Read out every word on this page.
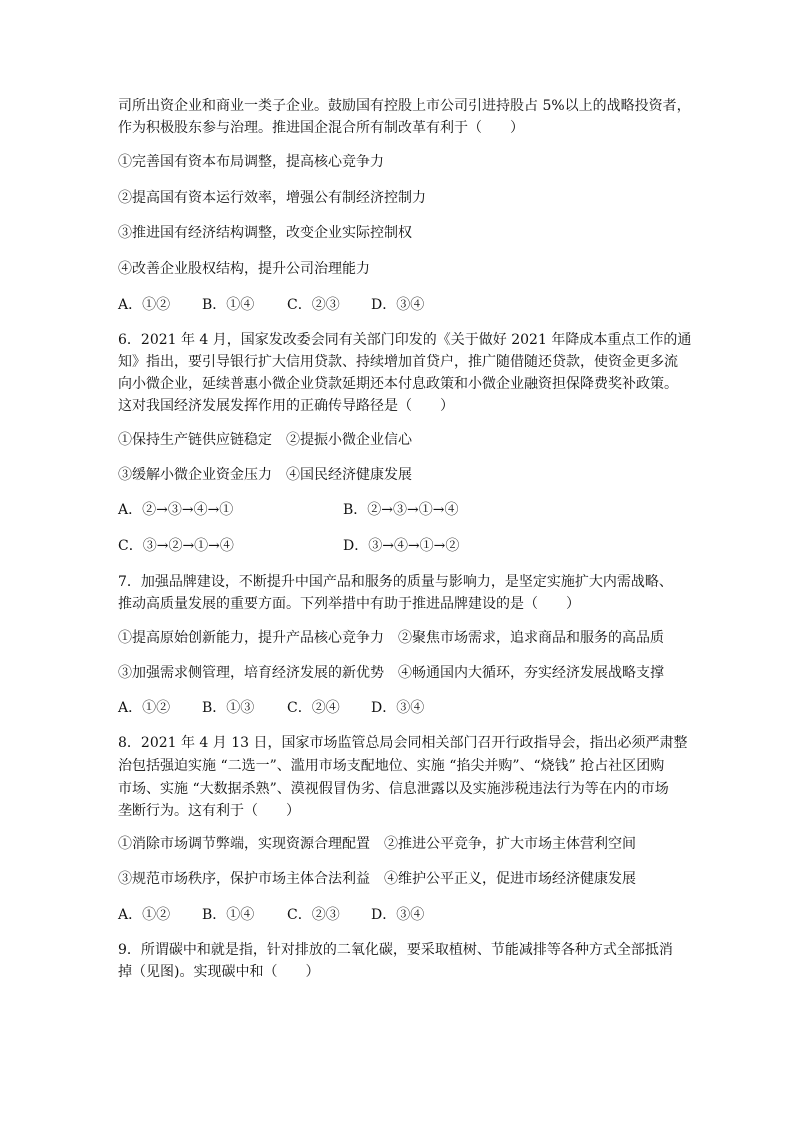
司所出资企业和商业一类子企业。鼓励国有控股上市公司引进持股占 5%以上的战略投资者，
作为积极股东参与治理。推进国企混合所有制改革有利于（　　）
①完善国有资本布局调整，提高核心竞争力
②提高国有资本运行效率，增强公有制经济控制力
③推进国有经济结构调整，改变企业实际控制权
④改善企业股权结构，提升公司治理能力
A．①② B．①④ C．②③ D．③④
6．2021 年 4 月，国家发改委会同有关部门印发的《关于做好 2021 年降成本重点工作的通
知》指出，要引导银行扩大信用贷款、持续增加首贷户，推广随借随还贷款，使资金更多流
向小微企业，延续普惠小微企业贷款延期还本付息政策和小微企业融资担保降费奖补政策。
这对我国经济发展发挥作用的正确传导路径是（　　）
①保持生产链供应链稳定　②提振小微企业信心
③缓解小微企业资金压力　④国民经济健康发展
A．②→③→④→①	B．②→③→①→④
C．③→②→①→④	D．③→④→①→②
7．加强品牌建设，不断提升中国产品和服务的质量与影响力，是坚定实施扩大内需战略、
推动高质量发展的重要方面。下列举措中有助于推进品牌建设的是（　　）
①提高原始创新能力，提升产品核心竞争力　②聚焦市场需求，追求商品和服务的高品质
③加强需求侧管理，培育经济发展的新优势　④畅通国内大循环，夯实经济发展战略支撑
A．①② B．①③ C．②④ D．③④
8．2021 年 4 月 13 日，国家市场监管总局会同相关部门召开行政指导会，指出必须严肃整
治包括强迫实施 “二选一”、滥用市场支配地位、实施 “掐尖并购”、“烧钱” 抢占社区团购
市场、实施 “大数据杀熟”、漠视假冒伪劣、信息泄露以及实施涉税违法行为等在内的市场
垄断行为。这有利于（　　）
①消除市场调节弊端，实现资源合理配置　②推进公平竞争，扩大市场主体营利空间
③规范市场秩序，保护市场主体合法利益　④维护公平正义，促进市场经济健康发展
A．①② B．①④ C．②③ D．③④
9．所谓碳中和就是指，针对排放的二氧化碳，要采取植树、节能减排等各种方式全部抵消
掉（见图)。实现碳中和（　　）
